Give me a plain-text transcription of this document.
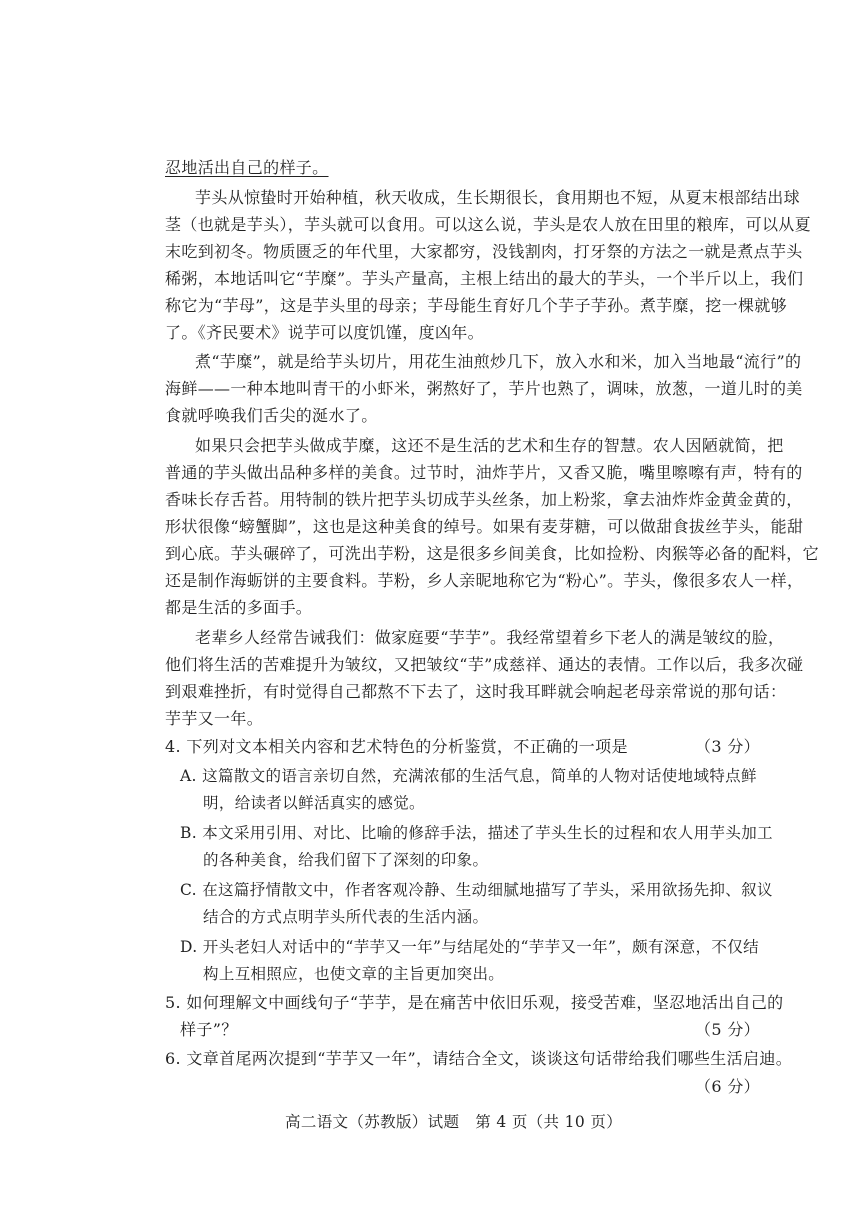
忍地活出自己的样子。
芋头从惊蛰时开始种植，秋天收成，生长期很长，食用期也不短，从夏末根部结出球
茎（也就是芋头），芋头就可以食用。可以这么说，芋头是农人放在田里的粮库，可以从夏
末吃到初冬。物质匮乏的年代里，大家都穷，没钱割肉，打牙祭的方法之一就是煮点芋头
稀粥，本地话叫它“芋糜”。芋头产量高，主根上结出的最大的芋头，一个半斤以上，我们
称它为“芋母”，这是芋头里的母亲；芋母能生育好几个芋子芋孙。煮芋糜，挖一棵就够
了。《齐民要术》说芋可以度饥馑，度凶年。
煮“芋糜”，就是给芋头切片，用花生油煎炒几下，放入水和米，加入当地最“流行”的
海鲜——一种本地叫青干的小虾米，粥熬好了，芋片也熟了，调味，放葱，一道儿时的美
食就呼唤我们舌尖的涎水了。
如果只会把芋头做成芋糜，这还不是生活的艺术和生存的智慧。农人因陋就简，把
普通的芋头做出品种多样的美食。过节时，油炸芋片，又香又脆，嘴里嚓嚓有声，特有的
香味长存舌苔。用特制的铁片把芋头切成芋头丝条，加上粉浆，拿去油炸炸金黄金黄的，
形状很像“螃蟹脚”，这也是这种美食的绰号。如果有麦芽糖，可以做甜食拔丝芋头，能甜
到心底。芋头碾碎了，可洗出芋粉，这是很多乡间美食，比如捡粉、肉猴等必备的配料，它
还是制作海蛎饼的主要食料。芋粉，乡人亲昵地称它为“粉心”。芋头，像很多农人一样，
都是生活的多面手。
老辈乡人经常告诫我们：做家庭要“芋芋”。我经常望着乡下老人的满是皱纹的脸，
他们将生活的苦难提升为皱纹，又把皱纹“芋”成慈祥、通达的表情。工作以后，我多次碰
到艰难挫折，有时觉得自己都熬不下去了，这时我耳畔就会响起老母亲常说的那句话：
芋芋又一年。
4. 下列对文本相关内容和艺术特色的分析鉴赏，不正确的一项是	（3 分）
A. 这篇散文的语言亲切自然，充满浓郁的生活气息，简单的人物对话使地域特点鲜
明，给读者以鲜活真实的感觉。
B. 本文采用引用、对比、比喻的修辞手法，描述了芋头生长的过程和农人用芋头加工
的各种美食，给我们留下了深刻的印象。
C. 在这篇抒情散文中，作者客观冷静、生动细腻地描写了芋头，采用欲扬先抑、叙议
结合的方式点明芋头所代表的生活内涵。
D. 开头老妇人对话中的“芋芋又一年”与结尾处的“芋芋又一年”，颇有深意，不仅结
构上互相照应，也使文章的主旨更加突出。
5. 如何理解文中画线句子“芋芋，是在痛苦中依旧乐观，接受苦难，坚忍地活出自己的
样子”？	（5 分）
6. 文章首尾两次提到“芋芋又一年”，请结合全文，谈谈这句话带给我们哪些生活启迪。
（6 分）
高二语文（苏教版）试题　第 4 页（共 10 页）
